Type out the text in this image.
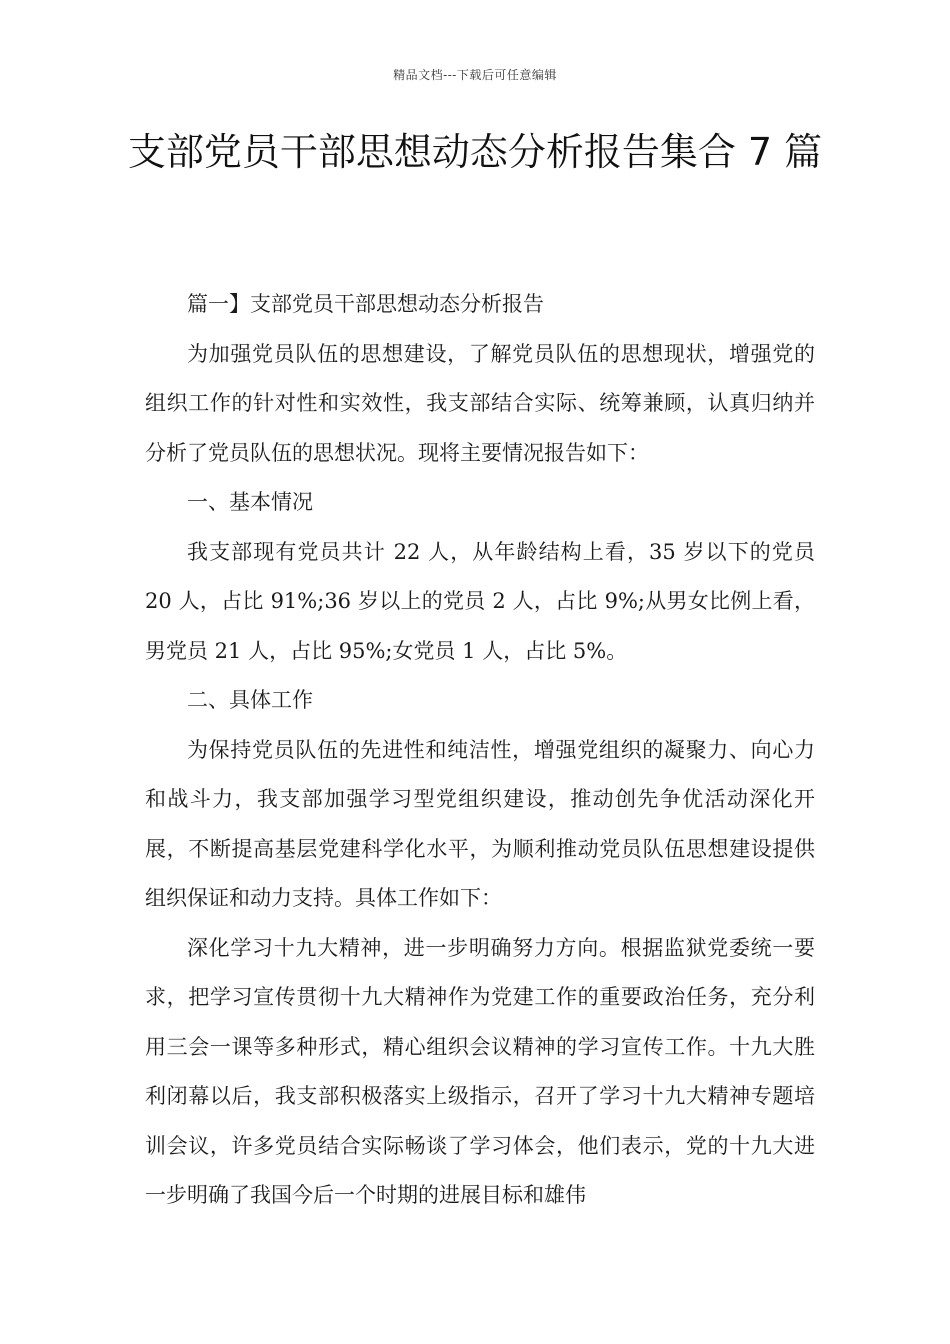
精品文档---下载后可任意编辑
支部党员干部思想动态分析报告集合 7 篇

篇一】支部党员干部思想动态分析报告

为加强党员队伍的思想建设，了解党员队伍的思想现状，增强党的组织工作的针对性和实效性，我支部结合实际、统筹兼顾，认真归纳并分析了党员队伍的思想状况。现将主要情况报告如下：

一、基本情况

我支部现有党员共计 22 人，从年龄结构上看，35 岁以下的党员 20 人，占比 91%;36 岁以上的党员 2 人，占比 9%;从男女比例上看，男党员 21 人，占比 95%;女党员 1 人，占比 5%。

二、具体工作

为保持党员队伍的先进性和纯洁性，增强党组织的凝聚力、向心力和战斗力，我支部加强学习型党组织建设，推动创先争优活动深化开展，不断提高基层党建科学化水平，为顺利推动党员队伍思想建设提供组织保证和动力支持。具体工作如下：

深化学习十九大精神，进一步明确努力方向。根据监狱党委统一要求，把学习宣传贯彻十九大精神作为党建工作的重要政治任务，充分利用三会一课等多种形式，精心组织会议精神的学习宣传工作。十九大胜利闭幕以后，我支部积极落实上级指示，召开了学习十九大精神专题培训会议，许多党员结合实际畅谈了学习体会，他们表示，党的十九大进一步明确了我国今后一个时期的进展目标和雄伟
